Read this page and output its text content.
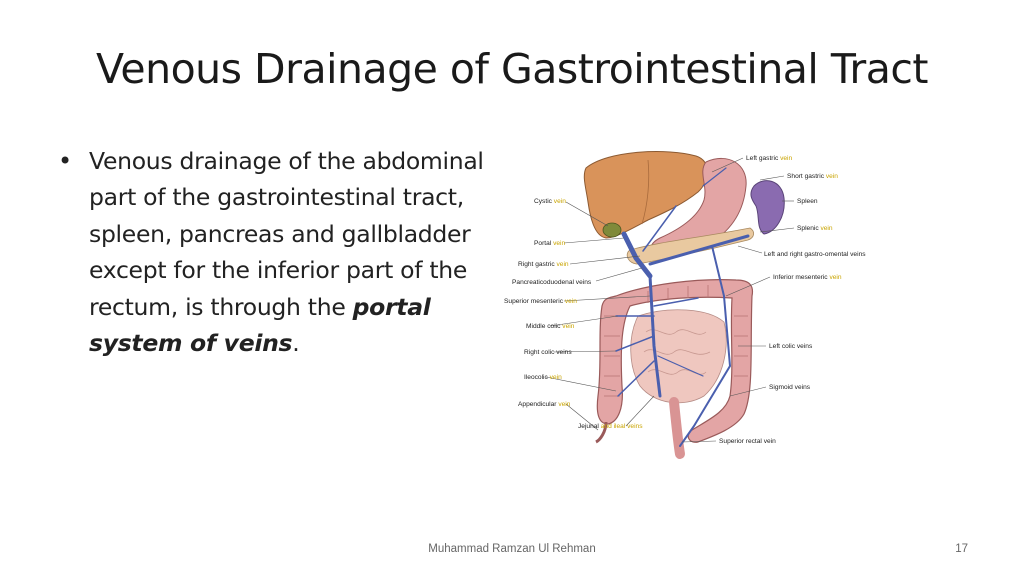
Venous Drainage of Gastrointestinal Tract
• Venous drainage of the abdominal part of the gastrointestinal tract, spleen, pancreas and gallbladder except for the inferior part of the rectum, is through the portal system of veins.
Left gastric vein
Short gastric vein
Spleen
Splenic vein
Left and right gastro-omental veins
Inferior mesenteric vein
Cystic vein
Portal vein
Right gastric vein
Pancreaticoduodenal veins
Superior mesenteric vein
Middle colic vein
Right colic veins
Ileocolic vein
Appendicular vein
Jejunal and ileal veins
Left colic veins
Sigmoid veins
Superior rectal vein
Muhammad Ramzan Ul Rehman	17
